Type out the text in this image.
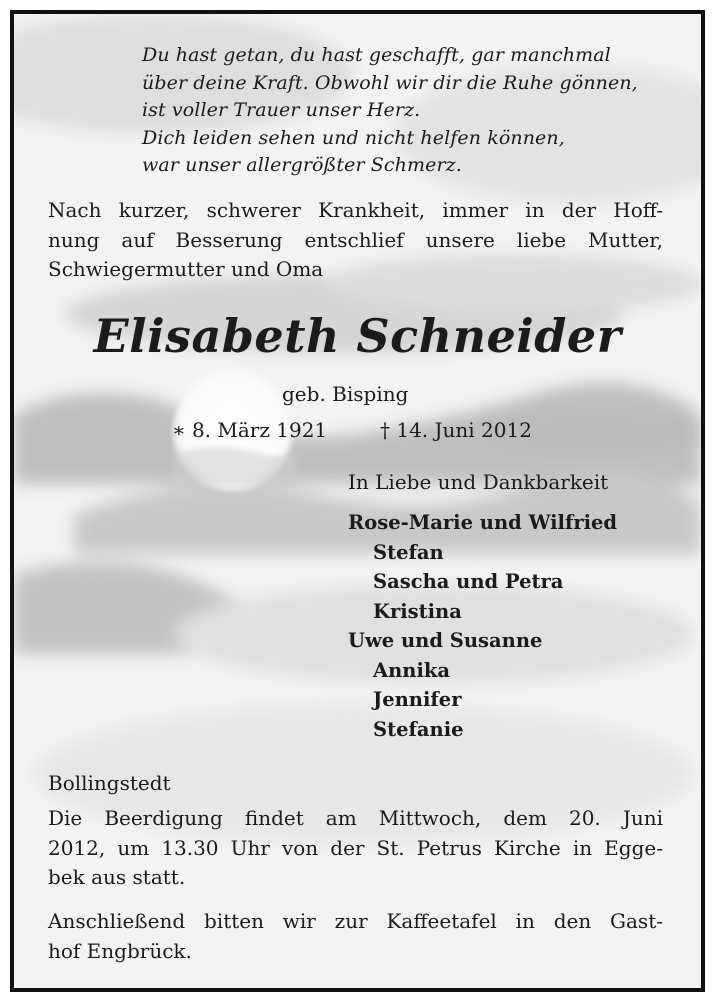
Du hast getan, du hast geschafft, gar manchmal
über deine Kraft. Obwohl wir dir die Ruhe gönnen,
ist voller Trauer unser Herz.
Dich leiden sehen und nicht helfen können,
war unser allergrößter Schmerz.
Nach kurzer, schwerer Krankheit, immer in der Hoff-
nung auf Besserung entschlief unsere liebe Mutter,
Schwiegermutter und Oma
Elisabeth Schneider
geb. Bisping
∗ 8. März 1921	† 14. Juni 2012
In Liebe und Dankbarkeit
Rose-Marie und Wilfried
Stefan
Sascha und Petra
Kristina
Uwe und Susanne
Annika
Jennifer
Stefanie
Bollingstedt
Die Beerdigung findet am Mittwoch, dem 20. Juni
2012, um 13.30 Uhr von der St. Petrus Kirche in Egge-
bek aus statt.
Anschließend bitten wir zur Kaffeetafel in den Gast-
hof Engbrück.
